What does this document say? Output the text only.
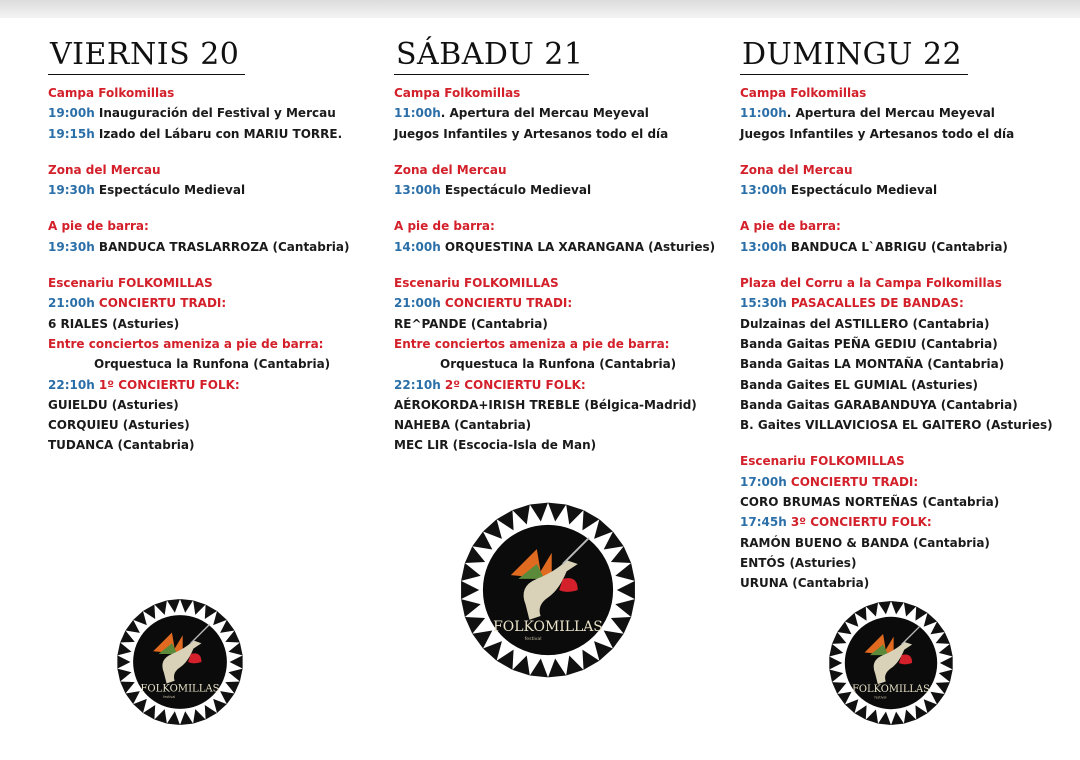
VIERNIS 20
Campa Folkomillas
19:00h Inauguración del Festival y Mercau
19:15h Izado del Lábaru con MARIU TORRE.
Zona del Mercau
19:30h Espectáculo Medieval
A pie de barra:
19:30h BANDUCA TRASLARROZA (Cantabria)
Escenariu FOLKOMILLAS
21:00h CONCIERTU TRADI:
6 RIALES (Asturies)
Entre conciertos ameniza a pie de barra:
Orquestuca la Runfona (Cantabria)
22:10h 1º CONCIERTU FOLK:
GUIELDU (Asturies)
CORQUIEU (Asturies)
TUDANCA (Cantabria)
SÁBADU 21
Campa Folkomillas
11:00h. Apertura del Mercau Meyeval
Juegos Infantiles y Artesanos todo el día
Zona del Mercau
13:00h Espectáculo Medieval
A pie de barra:
14:00h ORQUESTINA LA XARANGANA (Asturies)
Escenariu FOLKOMILLAS
21:00h CONCIERTU TRADI:
RE^PANDE (Cantabria)
Entre conciertos ameniza a pie de barra:
Orquestuca la Runfona (Cantabria)
22:10h 2º CONCIERTU FOLK:
AÉROKORDA+IRISH TREBLE (Bélgica-Madrid)
NAHEBA (Cantabria)
MEC LIR (Escocia-Isla de Man)
DUMINGU 22
Campa Folkomillas
11:00h. Apertura del Mercau Meyeval
Juegos Infantiles y Artesanos todo el día
Zona del Mercau
13:00h Espectáculo Medieval
A pie de barra:
13:00h BANDUCA L`ABRIGU (Cantabria)
Plaza del Corru a la Campa Folkomillas
15:30h PASACALLES DE BANDAS:
Dulzainas del ASTILLERO (Cantabria)
Banda Gaitas PEÑA GEDIU (Cantabria)
Banda Gaitas LA MONTAÑA (Cantabria)
Banda Gaites EL GUMIAL (Asturies)
Banda Gaitas GARABANDUYA (Cantabria)
B. Gaites VILLAVICIOSA EL GAITERO (Asturies)
Escenariu FOLKOMILLAS
17:00h CONCIERTU TRADI:
CORO BRUMAS NORTEÑAS (Cantabria)
17:45h 3º CONCIERTU FOLK:
RAMÓN BUENO & BANDA (Cantabria)
ENTÓS (Asturies)
URUNA (Cantabria)
FOLKOMILLAS
festival
FOLKOMILLAS
festival
FOLKOMILLAS
festival
